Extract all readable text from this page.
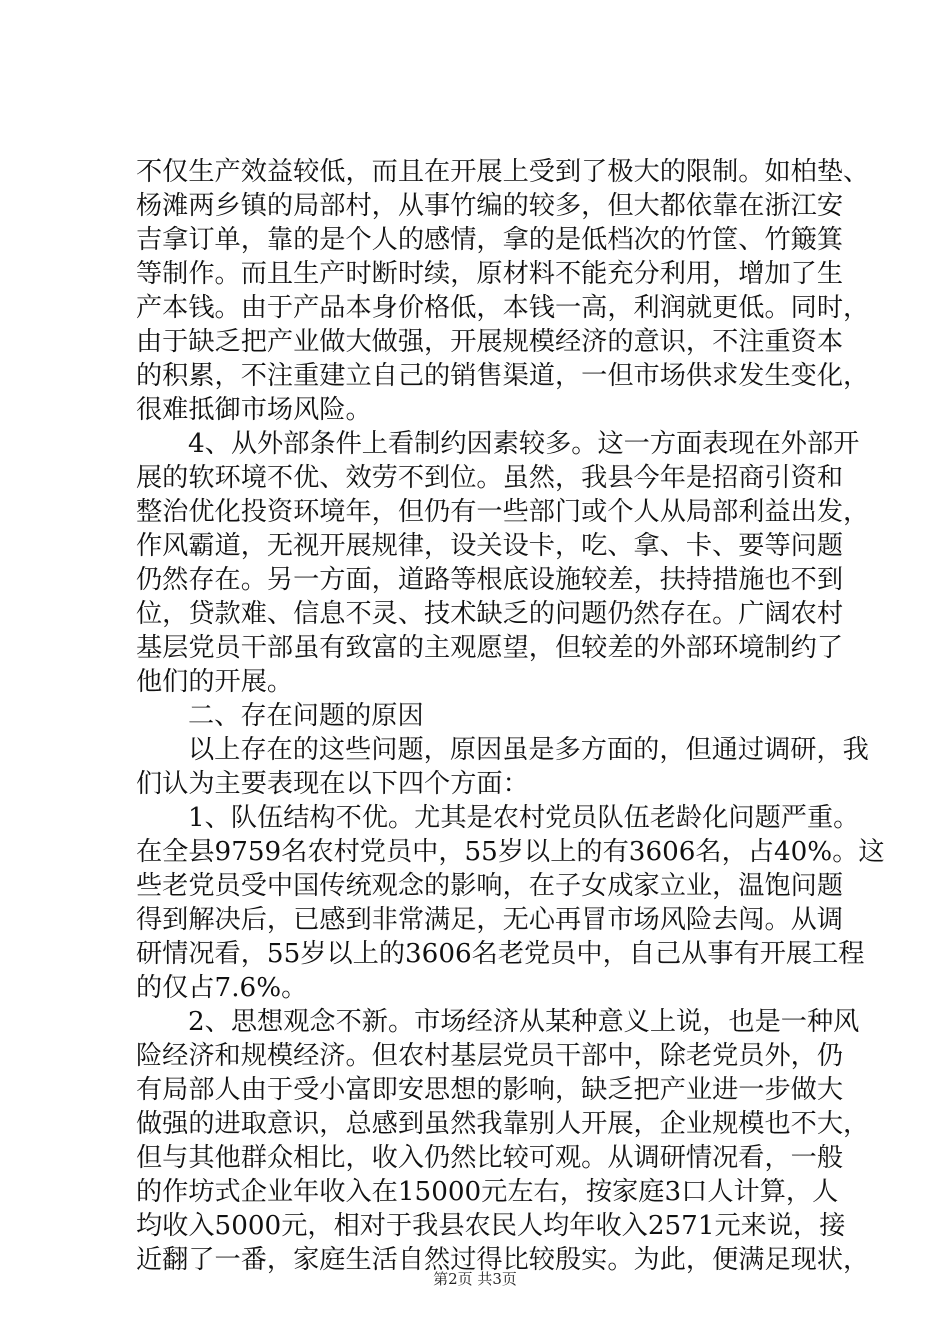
不仅生产效益较低，而且在开展上受到了极大的限制。如柏垫、
杨滩两乡镇的局部村，从事竹编的较多，但大都依靠在浙江安
吉拿订单，靠的是个人的感情，拿的是低档次的竹筐、竹簸箕
等制作。而且生产时断时续，原材料不能充分利用，增加了生
产本钱。由于产品本身价格低，本钱一高，利润就更低。同时，
由于缺乏把产业做大做强，开展规模经济的意识，不注重资本
的积累，不注重建立自己的销售渠道，一但市场供求发生变化，
很难抵御市场风险。
4、从外部条件上看制约因素较多。这一方面表现在外部开
展的软环境不优、效劳不到位。虽然，我县今年是招商引资和
整治优化投资环境年，但仍有一些部门或个人从局部利益出发，
作风霸道，无视开展规律，设关设卡，吃、拿、卡、要等问题
仍然存在。另一方面，道路等根底设施较差，扶持措施也不到
位，贷款难、信息不灵、技术缺乏的问题仍然存在。广阔农村
基层党员干部虽有致富的主观愿望，但较差的外部环境制约了
他们的开展。
二、存在问题的原因
以上存在的这些问题，原因虽是多方面的，但通过调研，我
们认为主要表现在以下四个方面：
1、队伍结构不优。尤其是农村党员队伍老龄化问题严重。
在全县9759名农村党员中，55岁以上的有3606名，占40%。这
些老党员受中国传统观念的影响，在子女成家立业，温饱问题
得到解决后，已感到非常满足，无心再冒市场风险去闯。从调
研情况看，55岁以上的3606名老党员中，自己从事有开展工程
的仅占7.6%。
2、思想观念不新。市场经济从某种意义上说，也是一种风
险经济和规模经济。但农村基层党员干部中，除老党员外，仍
有局部人由于受小富即安思想的影响，缺乏把产业进一步做大
做强的进取意识，总感到虽然我靠别人开展，企业规模也不大，
但与其他群众相比，收入仍然比较可观。从调研情况看，一般
的作坊式企业年收入在15000元左右，按家庭3口人计算，人
均收入5000元，相对于我县农民人均年收入2571元来说，接
近翻了一番，家庭生活自然过得比较殷实。为此，便满足现状，
第2页 共3页
